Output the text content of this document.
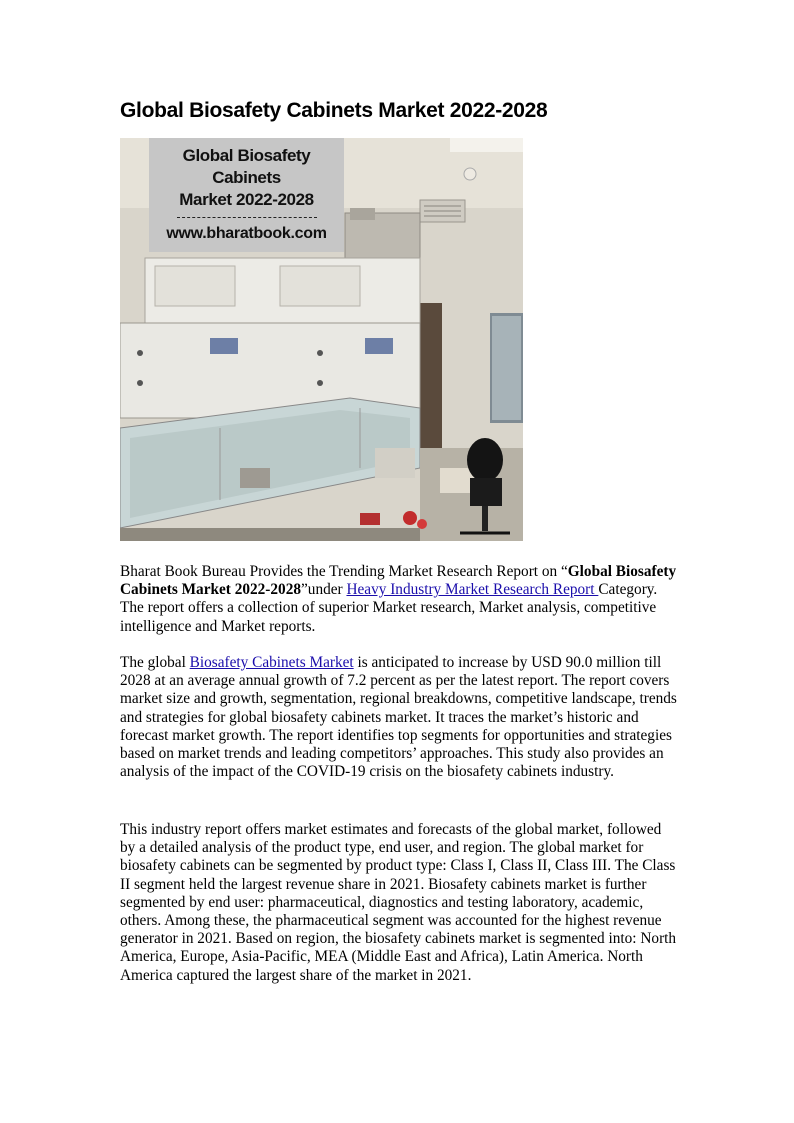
Global Biosafety Cabinets Market 2022-2028
Global Biosafety Cabinets
Market 2022-2028
www.bharatbook.com

Bharat Book Bureau Provides the Trending Market Research Report on “Global Biosafety Cabinets Market 2022-2028”under Heavy Industry Market Research Report Category. The report offers a collection of superior Market research, Market analysis, competitive intelligence and Market reports.

The global Biosafety Cabinets Market is anticipated to increase by USD 90.0 million till 2028 at an average annual growth of 7.2 percent as per the latest report. The report covers market size and growth, segmentation, regional breakdowns, competitive landscape, trends and strategies for global biosafety cabinets market. It traces the market’s historic and forecast market growth. The report identifies top segments for opportunities and strategies based on market trends and leading competitors’ approaches. This study also provides an analysis of the impact of the COVID-19 crisis on the biosafety cabinets industry.

This industry report offers market estimates and forecasts of the global market, followed by a detailed analysis of the product type, end user, and region. The global market for biosafety cabinets can be segmented by product type: Class I, Class II, Class III. The Class II segment held the largest revenue share in 2021. Biosafety cabinets market is further segmented by end user: pharmaceutical, diagnostics and testing laboratory, academic, others. Among these, the pharmaceutical segment was accounted for the highest revenue generator in 2021. Based on region, the biosafety cabinets market is segmented into: North America, Europe, Asia-Pacific, MEA (Middle East and Africa), Latin America. North America captured the largest share of the market in 2021.
